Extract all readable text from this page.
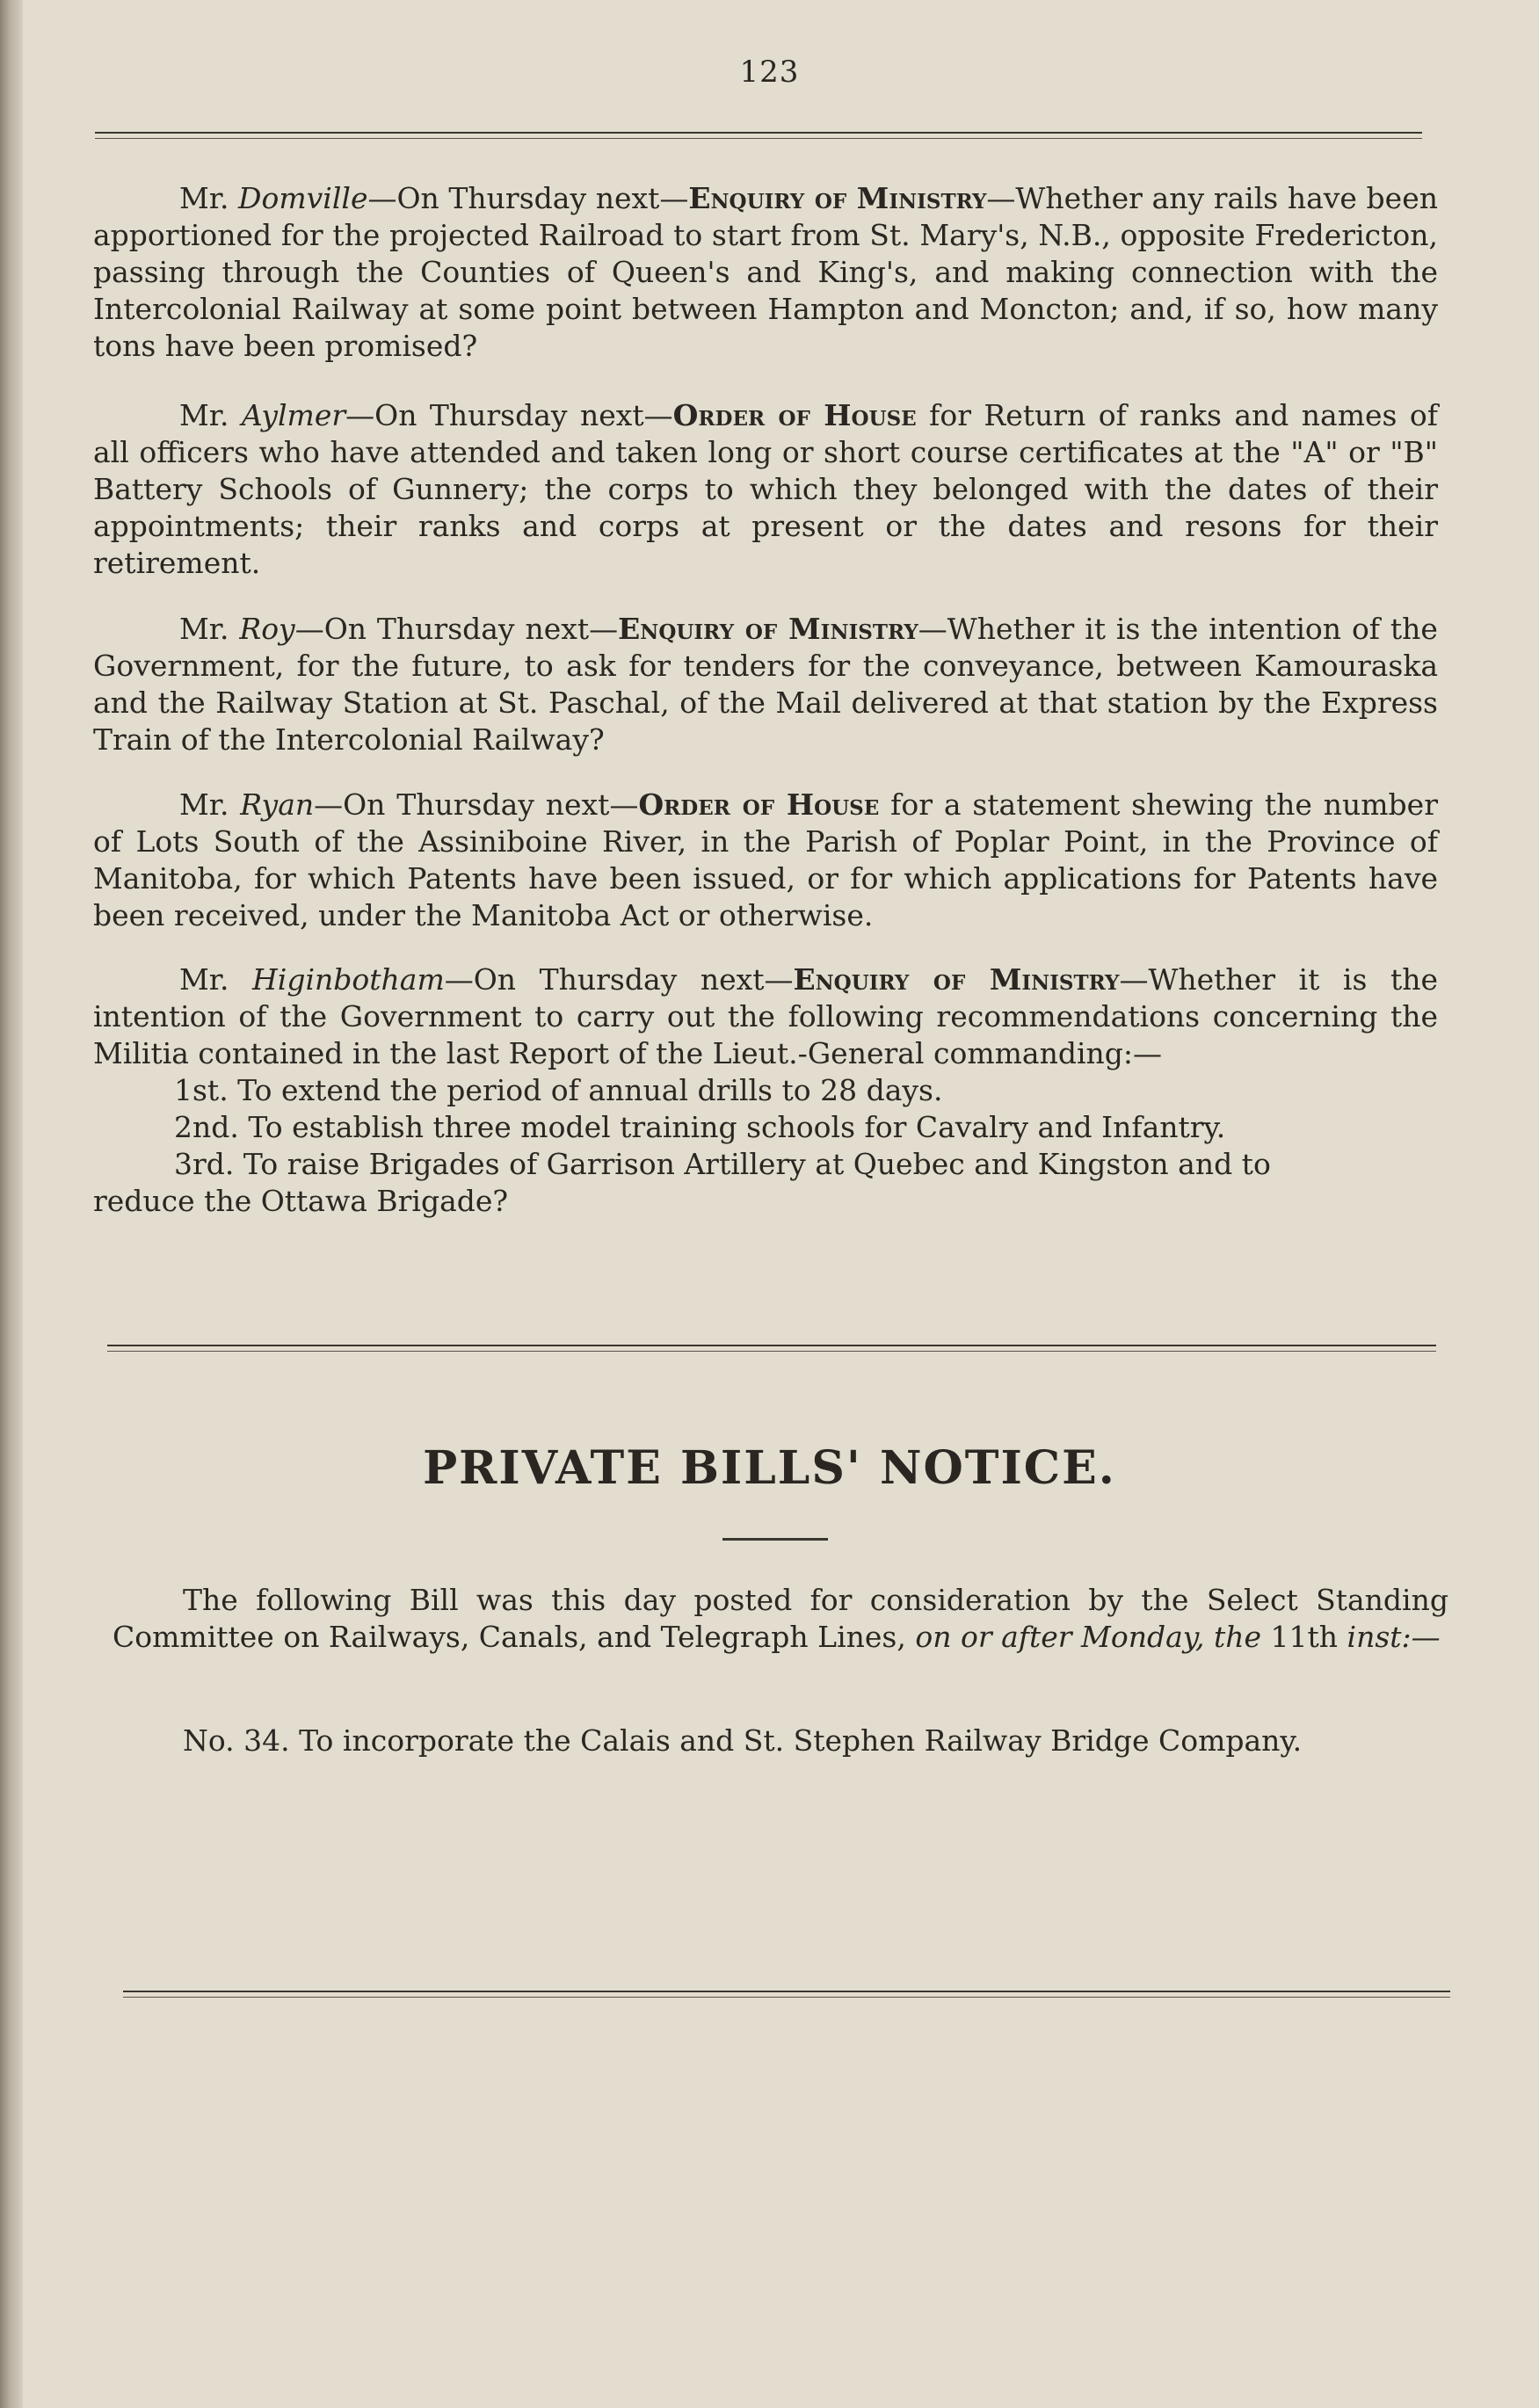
123
Mr. Domville—On Thursday next—Enquiry of Ministry—Whether any rails have been apportioned for the projected Railroad to start from St. Mary's, N.B., opposite Fredericton, passing through the Counties of Queen's and King's, and making connection with the Intercolonial Railway at some point between Hampton and Moncton; and, if so, how many tons have been promised?
Mr. Aylmer—On Thursday next—Order of House for Return of ranks and names of all officers who have attended and taken long or short course certificates at the "A" or "B" Battery Schools of Gunnery; the corps to which they belonged with the dates of their appointments; their ranks and corps at present or the dates and resons for their retirement.
Mr. Roy—On Thursday next—Enquiry of Ministry—Whether it is the intention of the Government, for the future, to ask for tenders for the conveyance, between Kamouraska and the Railway Station at St. Paschal, of the Mail delivered at that station by the Express Train of the Intercolonial Railway?
Mr. Ryan—On Thursday next—Order of House for a statement shewing the number of Lots South of the Assiniboine River, in the Parish of Poplar Point, in the Province of Manitoba, for which Patents have been issued, or for which applications for Patents have been received, under the Manitoba Act or otherwise.
Mr. Higinbotham—On Thursday next—Enquiry of Ministry—Whether it is the intention of the Government to carry out the following recommendations concerning the Militia contained in the last Report of the Lieut.-General commanding:—
1st. To extend the period of annual drills to 28 days.
2nd. To establish three model training schools for Cavalry and Infantry.
3rd. To raise Brigades of Garrison Artillery at Quebec and Kingston and to
reduce the Ottawa Brigade?
PRIVATE BILLS' NOTICE.
The following Bill was this day posted for consideration by the Select Standing Committee on Railways, Canals, and Telegraph Lines, on or after Monday, the 11th inst:—
No. 34. To incorporate the Calais and St. Stephen Railway Bridge Company.
